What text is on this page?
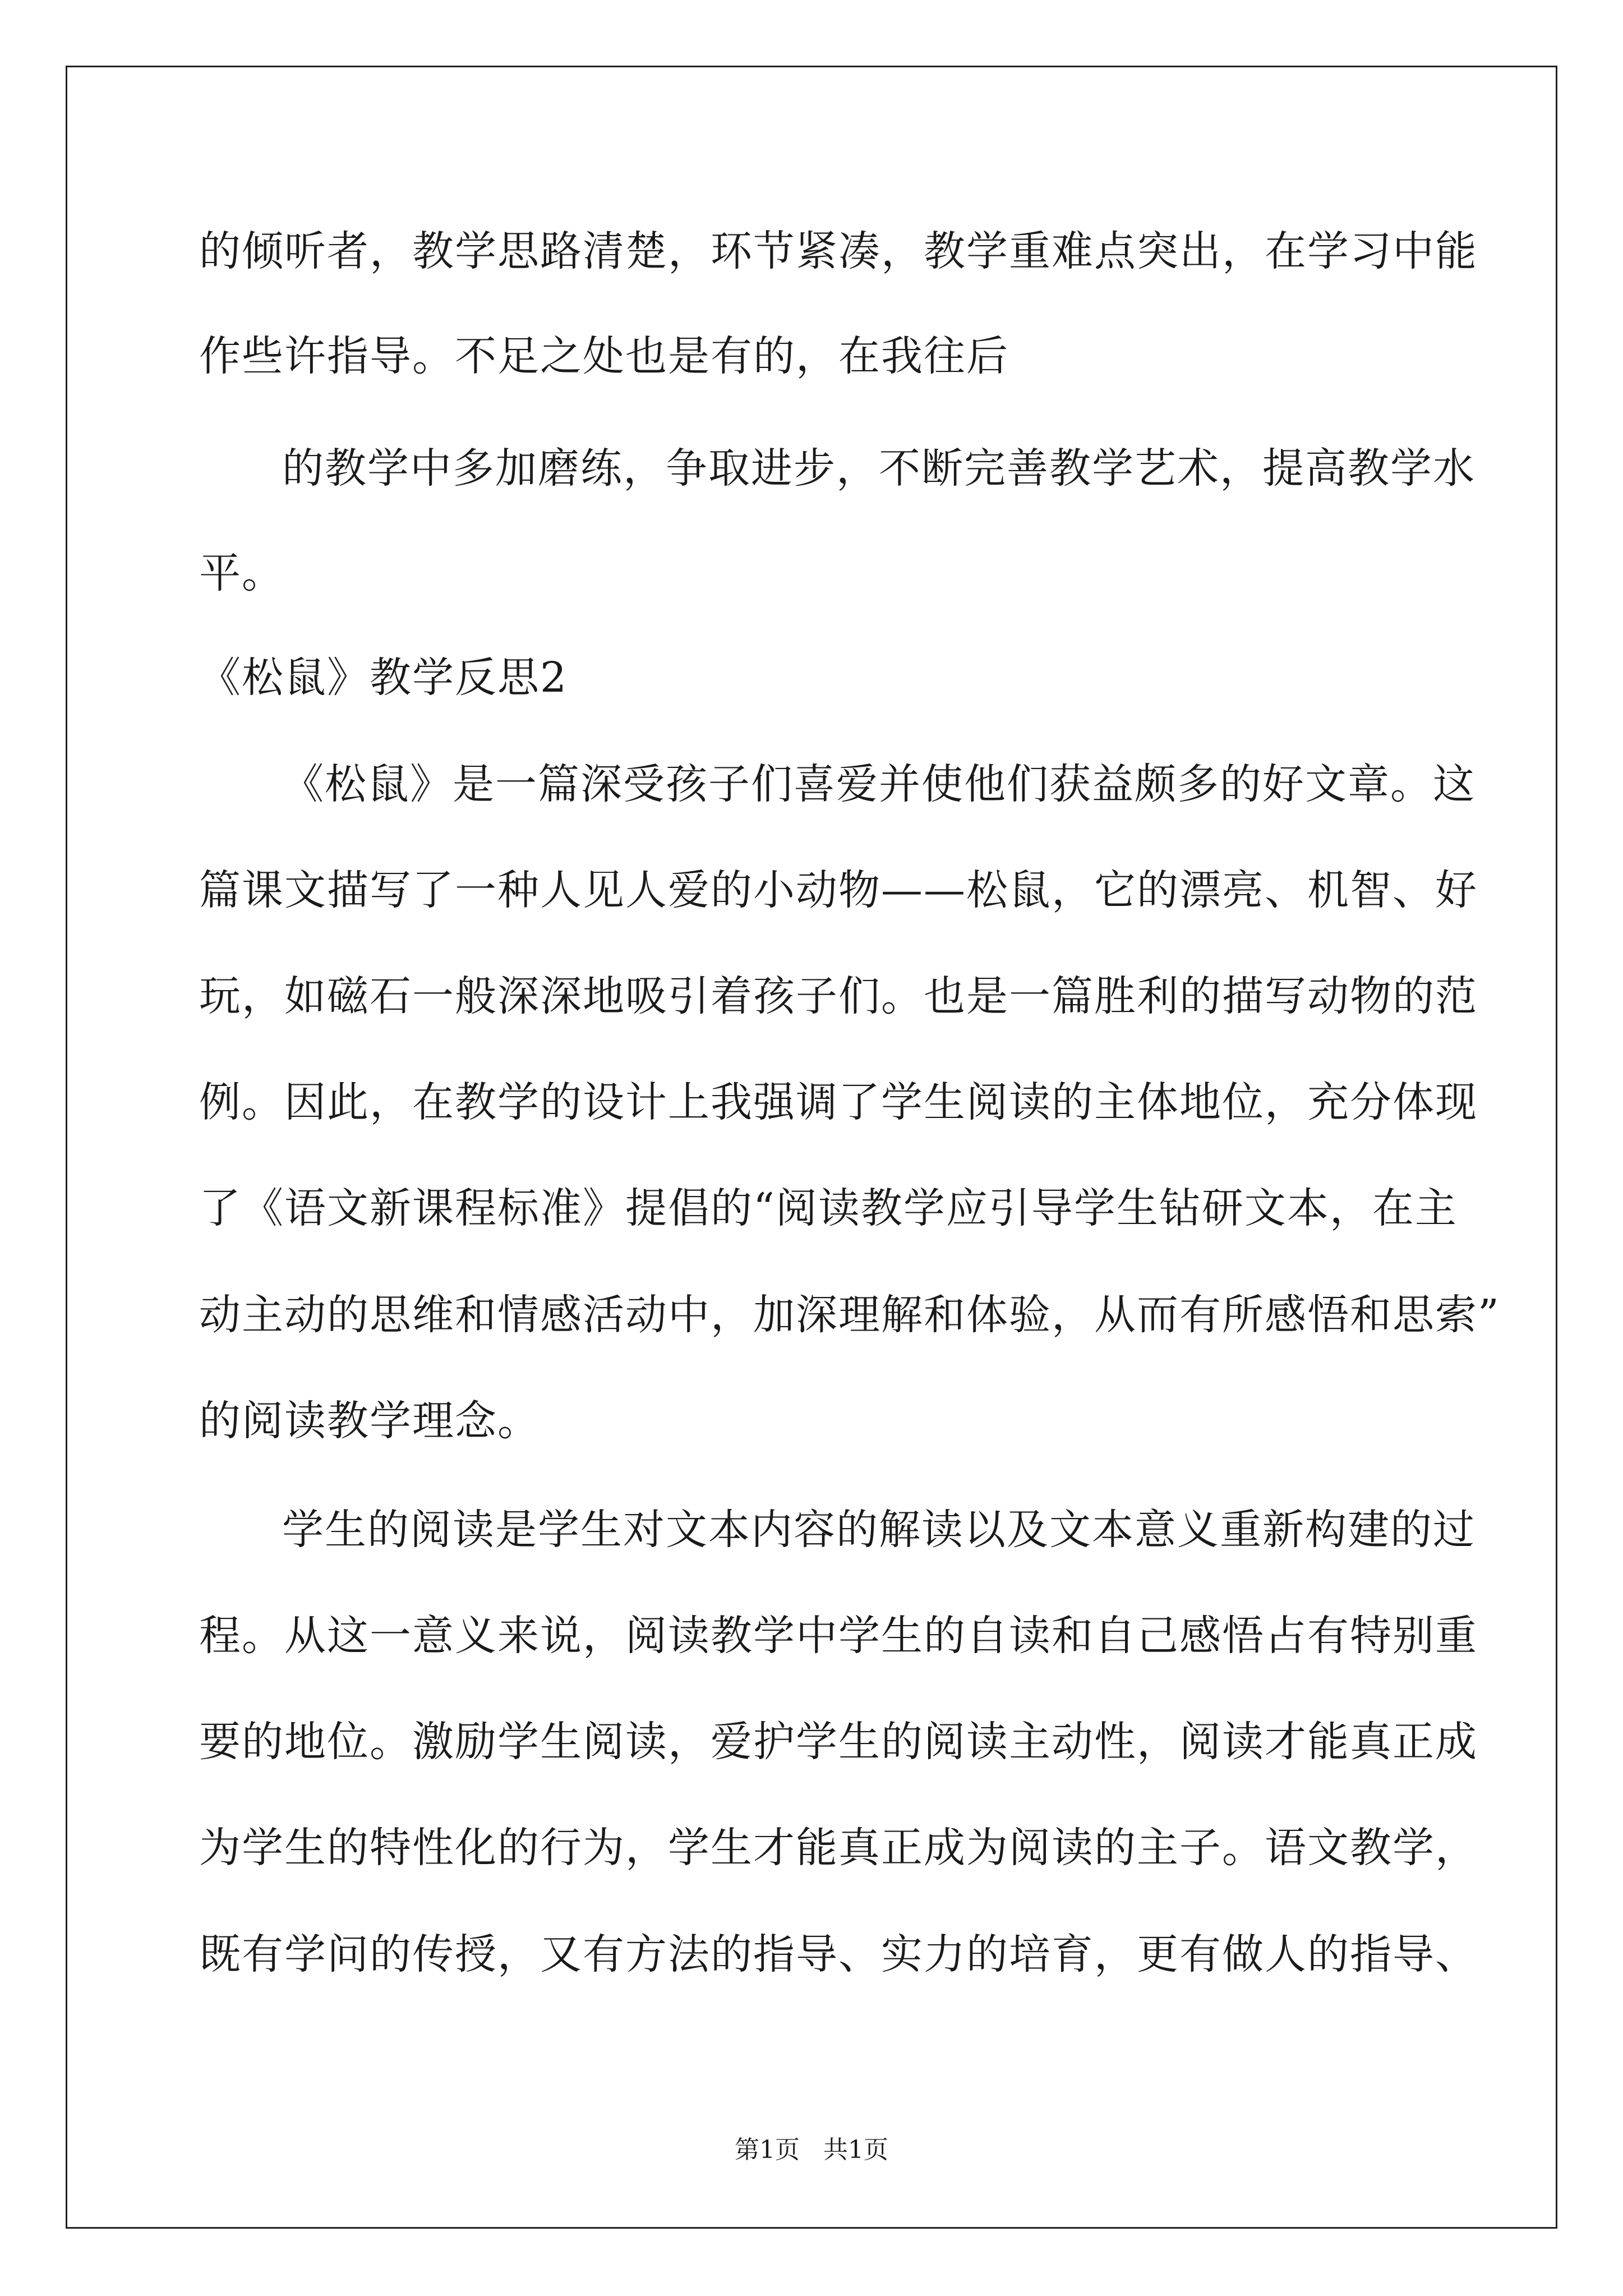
的倾听者，教学思路清楚，环节紧凑，教学重难点突出，在学习中能

作些许指导。不足之处也是有的，在我往后

的教学中多加磨练，争取进步，不断完善教学艺术，提高教学水

平。

《松鼠》教学反思2

《松鼠》是一篇深受孩子们喜爱并使他们获益颇多的好文章。这

篇课文描写了一种人见人爱的小动物——松鼠，它的漂亮、机智、好

玩，如磁石一般深深地吸引着孩子们。也是一篇胜利的描写动物的范

例。因此，在教学的设计上我强调了学生阅读的主体地位，充分体现

了《语文新课程标准》提倡的“阅读教学应引导学生钻研文本，在主

动主动的思维和情感活动中，加深理解和体验，从而有所感悟和思索”

的阅读教学理念。

学生的阅读是学生对文本内容的解读以及文本意义重新构建的过

程。从这一意义来说，阅读教学中学生的自读和自己感悟占有特别重

要的地位。激励学生阅读，爱护学生的阅读主动性，阅读才能真正成

为学生的特性化的行为，学生才能真正成为阅读的主子。语文教学，

既有学问的传授，又有方法的指导、实力的培育，更有做人的指导、

第1页   共1页
